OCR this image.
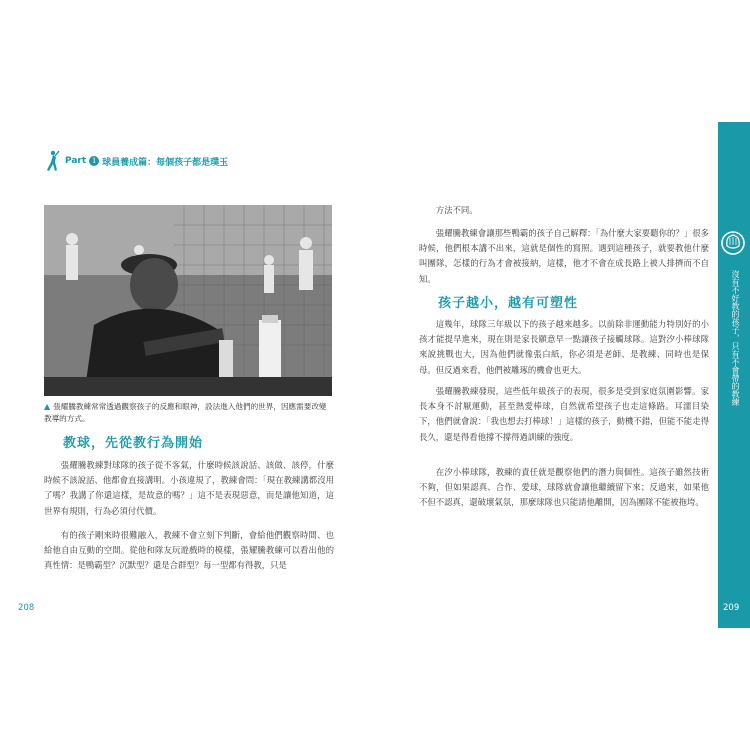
Part 1 球員養成篇：每個孩子都是璞玉
▲ 張耀騰教練常常透過觀察孩子的反應和眼神，設法進入他們的世界，因應需要改變教導的方式。
教球，先從教行為開始

張耀騰教練對球隊的孩子從不客氣，什麼時候該說話、該做、該停，什麼時候不該說話、他都會直接講明。小孩違規了，教練會問：「現在教練講都沒用了嗎？我講了你還這樣，是故意的嗎？」這不是表現惡意，而是讓他知道，這世界有規則，行為必須付代價。

有的孩子剛來時很難融入，教練不會立刻下判斷，會給他們觀察時間、也給他自由互動的空間。從他和隊友玩遊戲時的模樣，張耀騰教練可以看出他的真性情：是鴨霸型？沉默型？還是合群型？每一型都有得教，只是

208

方法不同。

張耀騰教練會讓那些鴨霸的孩子自己解釋：「為什麼大家要聽你的？」很多時候，他們根本講不出來，這就是個性的寫照。遇到這種孩子，就要教他什麼叫團隊，怎樣的行為才會被接納，這樣，他才不會在成長路上被人排擠而不自知。

孩子越小，越有可塑性

這幾年，球隊三年級以下的孩子越來越多。以前除非運動能力特別好的小孩才能提早進來，現在則是家長願意早一點讓孩子接觸球隊。這對汐小棒球隊來說挑戰也大，因為他們就像張白紙，你必須是老師、是教練、同時也是保母。但反過來看，他們被雕琢的機會也更大。

張耀騰教練發現，這些低年級孩子的表現，很多是受到家庭氛圍影響。家長本身不討厭運動，甚至熱愛棒球，自然就希望孩子也走這條路。耳濡目染下，他們就會說：「我也想去打棒球！」這樣的孩子，動機不錯，但能不能走得長久，還是得看他撐不撐得過訓練的強度。

在汐小棒球隊，教練的責任就是觀察他們的潛力與個性。這孩子雖然技術不夠，但如果認真、合作、愛球，球隊就會讓他繼續留下來；反過來，如果他不但不認真，還破壞氣氛，那麼球隊也只能請他離開，因為團隊不能被拖垮。

沒有不好教的孩子，只有不會帶的教練
209
